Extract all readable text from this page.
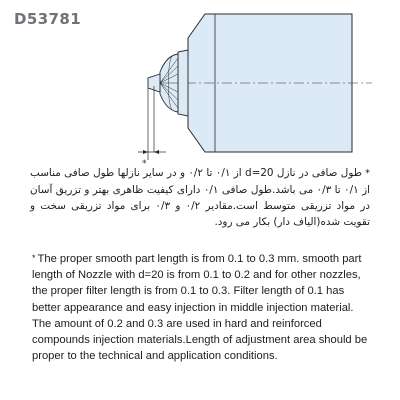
D53781
*
*طول صافی در نازل d=20 از ۰/۱ تا ۰/۲ و در سایر نازلها طول صافی مناسب از ۰/۱ تا ۰/۳ می باشد.طول صافی ۰/۱ دارای کیفیت ظاهری بهتر و تزریق آسان در مواد تزریقی متوسط است.مقادیر ۰/۲ و ۰/۳ برای مواد تزریقی سخت و تقویت شده(الیاف دار) بکار می رود.
* The proper smooth part length is from 0.1 to 0.3 mm. smooth part length of Nozzle with d=20 is from 0.1 to 0.2 and for other nozzles, the proper filter length is from 0.1 to 0.3. Filter length of 0.1 has better appearance and easy injection in middle injection material. The amount of 0.2 and 0.3 are used in hard and reinforced compounds injection materials.Length of adjustment area should be proper to the technical and application conditions.
